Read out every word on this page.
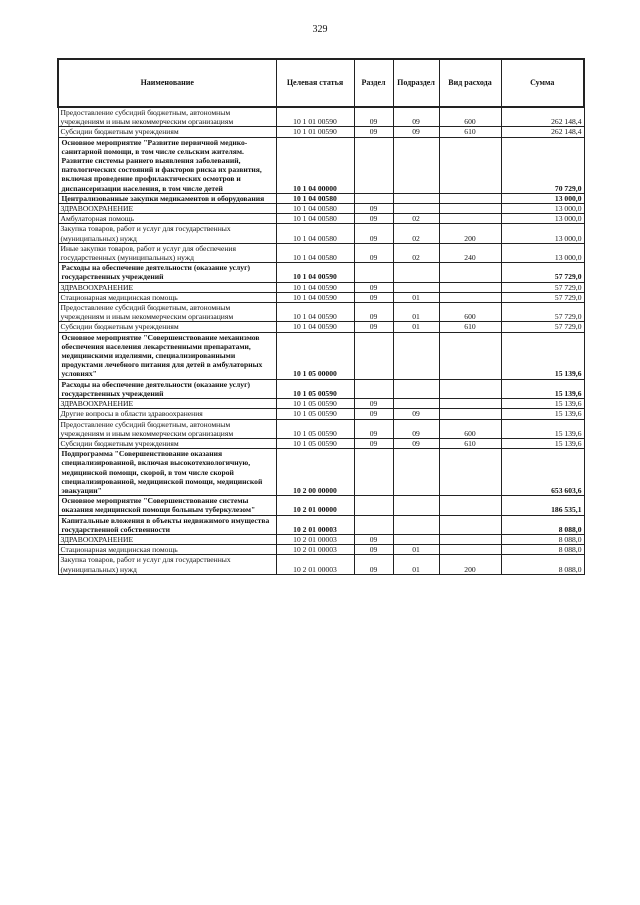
329
Наименование	Целевая статья	Раздел	Подраздел	Вид расхода	Сумма
Предоставление субсидий бюджетным, автономным учреждениям и иным некоммерческим организациям	10 1 01 00590	09	09	600	262 148,4
Субсидии бюджетным учреждениям	10 1 01 00590	09	09	610	262 148,4
Основное мероприятие "Развитие первичной медико-санитарной помощи, в том числе сельским жителям. Развитие системы раннего выявления заболеваний, патологических состояний и факторов риска их развития, включая проведение профилактических осмотров и диспансеризации населения, в том числе детей	10 1 04 00000				70 729,0
Централизованные закупки медикаментов и оборудования	10 1 04 00580				13 000,0
ЗДРАВООХРАНЕНИЕ	10 1 04 00580	09			13 000,0
Амбулаторная помощь	10 1 04 00580	09	02		13 000,0
Закупка товаров, работ и услуг для государственных (муниципальных) нужд	10 1 04 00580	09	02	200	13 000,0
Иные закупки товаров, работ и услуг для обеспечения государственных (муниципальных) нужд	10 1 04 00580	09	02	240	13 000,0
Расходы на обеспечение деятельности (оказание услуг) государственных учреждений	10 1 04 00590				57 729,0
ЗДРАВООХРАНЕНИЕ	10 1 04 00590	09			57 729,0
Стационарная медицинская помощь	10 1 04 00590	09	01		57 729,0
Предоставление субсидий бюджетным, автономным учреждениям и иным некоммерческим организациям	10 1 04 00590	09	01	600	57 729,0
Субсидии бюджетным учреждениям	10 1 04 00590	09	01	610	57 729,0
Основное мероприятие "Совершенствование механизмов обеспечения населения лекарственными препаратами, медицинскими изделиями, специализированными продуктами лечебного питания для детей в амбулаторных условиях"	10 1 05 00000				15 139,6
Расходы на обеспечение деятельности (оказание услуг) государственных учреждений	10 1 05 00590				15 139,6
ЗДРАВООХРАНЕНИЕ	10 1 05 00590	09			15 139,6
Другие вопросы в области здравоохранения	10 1 05 00590	09	09		15 139,6
Предоставление субсидий бюджетным, автономным учреждениям и иным некоммерческим организациям	10 1 05 00590	09	09	600	15 139,6
Субсидии бюджетным учреждениям	10 1 05 00590	09	09	610	15 139,6
Подпрограмма "Совершенствование оказания специализированной, включая высокотехнологичную, медицинской помощи, скорой, в том числе скорой специализированной, медицинской помощи, медицинской эвакуации"	10 2 00 00000				653 603,6
Основное мероприятие "Совершенствование системы оказания медицинской помощи больным туберкулезом"	10 2 01 00000				186 535,1
Капитальные вложения в объекты недвижимого имущества государственной собственности	10 2 01 00003				8 088,0
ЗДРАВООХРАНЕНИЕ	10 2 01 00003	09			8 088,0
Стационарная медицинская помощь	10 2 01 00003	09	01		8 088,0
Закупка товаров, работ и услуг для государственных (муниципальных) нужд	10 2 01 00003	09	01	200	8 088,0
